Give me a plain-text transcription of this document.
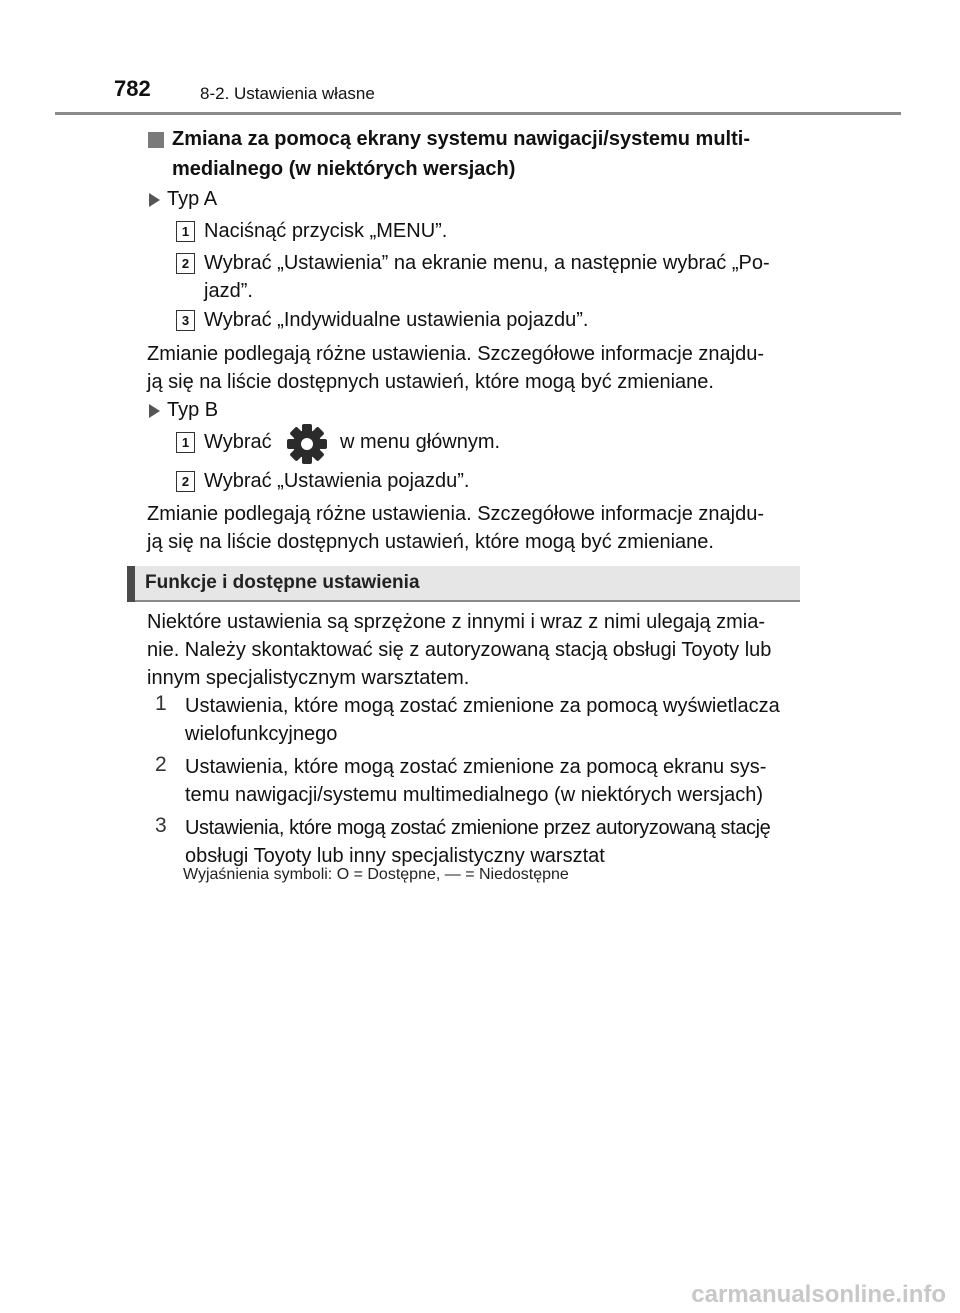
782	8-2. Ustawienia własne
Zmiana za pomocą ekrany systemu nawigacji/systemu multi-
medialnego (w niektórych wersjach)
Typ A
1 Naciśnąć przycisk „MENU”.
2 Wybrać „Ustawienia” na ekranie menu, a następnie wybrać „Po-
jazd”.
3 Wybrać „Indywidualne ustawienia pojazdu”.
Zmianie podlegają różne ustawienia. Szczegółowe informacje znajdu-
ją się na liście dostępnych ustawień, które mogą być zmieniane.
Typ B
1 Wybrać	w menu głównym.
2 Wybrać „Ustawienia pojazdu”.
Zmianie podlegają różne ustawienia. Szczegółowe informacje znajdu-
ją się na liście dostępnych ustawień, które mogą być zmieniane.
Funkcje i dostępne ustawienia
Niektóre ustawienia są sprzężone z innymi i wraz z nimi ulegają zmia-
nie. Należy skontaktować się z autoryzowaną stacją obsługi Toyoty lub
innym specjalistycznym warsztatem.
1 Ustawienia, które mogą zostać zmienione za pomocą wyświetlacza
wielofunkcyjnego
2 Ustawienia, które mogą zostać zmienione za pomocą ekranu sys-
temu nawigacji/systemu multimedialnego (w niektórych wersjach)
3 Ustawienia, które mogą zostać zmienione przez autoryzowaną stację
obsługi Toyoty lub inny specjalistyczny warsztat
Wyjaśnienia symboli: O = Dostępne, — = Niedostępne
carmanualsonline.info
